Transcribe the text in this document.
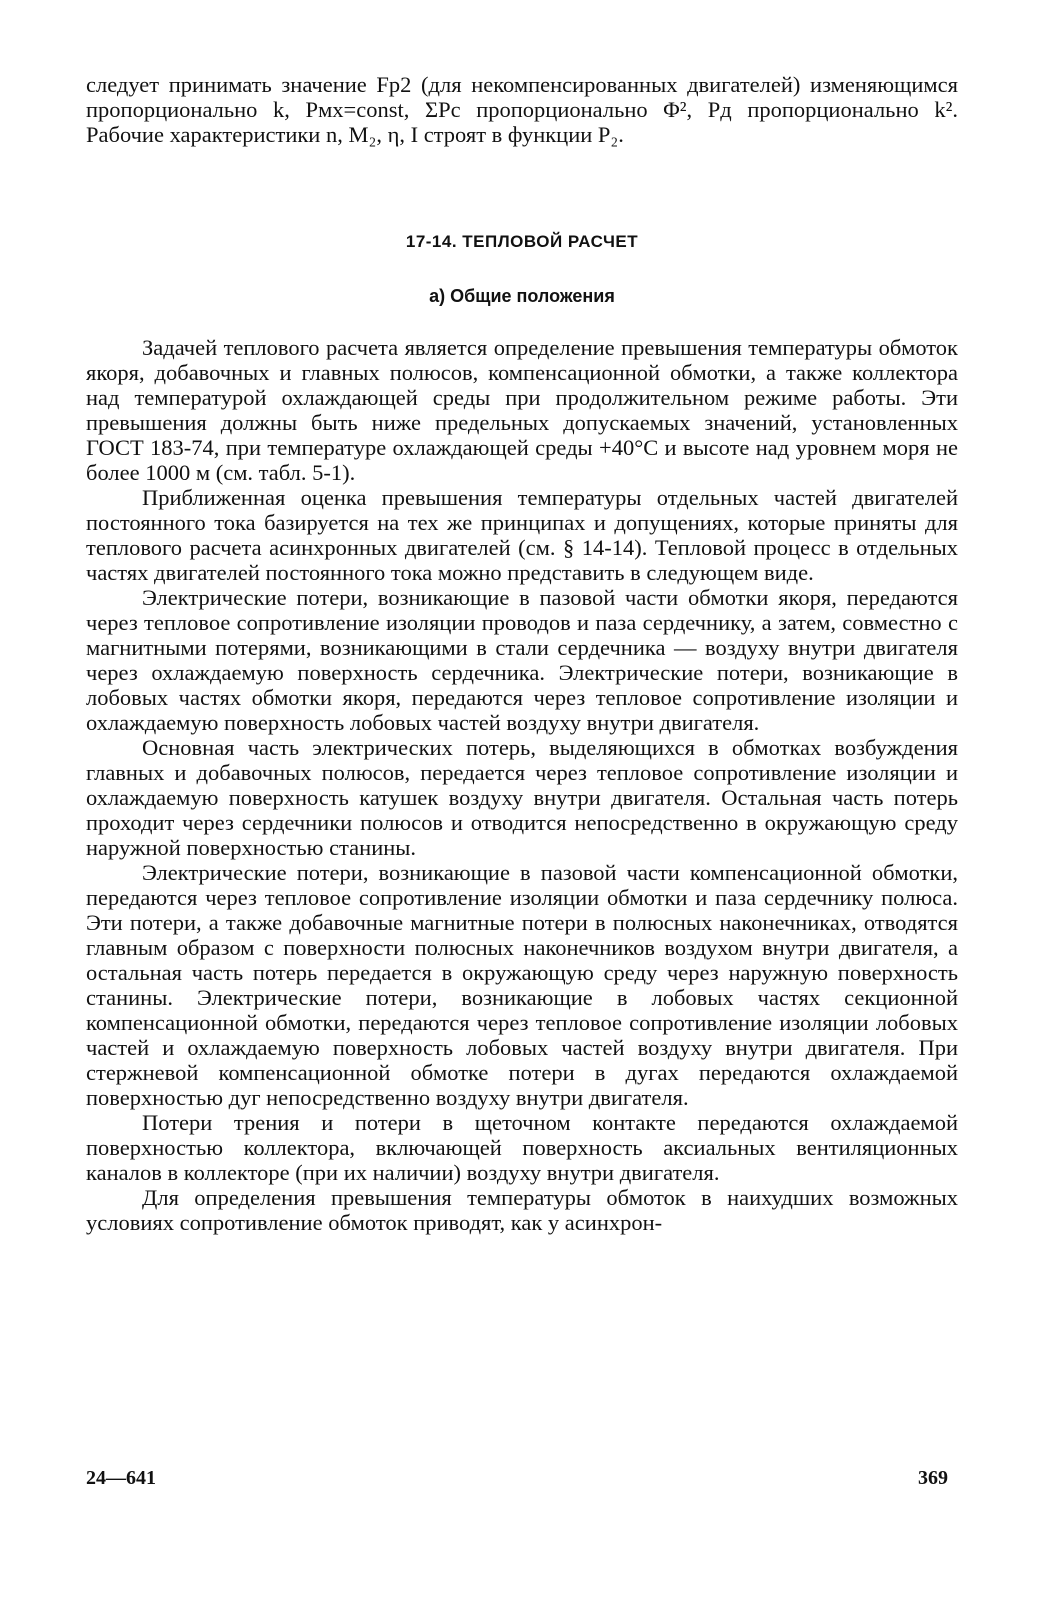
следует принимать значение Fр2 (для некомпенсированных двигателей) изменяющимся пропорционально k, Pмх=const, ΣPс пропорционально Φ², Pд пропорционально k². Рабочие характеристики n, M₂, η, I строят в функции P₂.

17-14. ТЕПЛОВОЙ РАСЧЕТ
а) Общие положения

Задачей теплового расчета является определение превышения температуры обмоток якоря, добавочных и главных полюсов, компенсационной обмотки, а также коллектора над температурой охлаждающей среды при продолжительном режиме работы. Эти превышения должны быть ниже предельных допускаемых значений, установленных ГОСТ 183-74, при температуре охлаждающей среды +40°С и высоте над уровнем моря не более 1000 м (см. табл. 5-1).

Приближенная оценка превышения температуры отдельных частей двигателей постоянного тока базируется на тех же принципах и допущениях, которые приняты для теплового расчета асинхронных двигателей (см. § 14-14). Тепловой процесс в отдельных частях двигателей постоянного тока можно представить в следующем виде.

Электрические потери, возникающие в пазовой части обмотки якоря, передаются через тепловое сопротивление изоляции проводов и паза сердечнику, а затем, совместно с магнитными потерями, возникающими в стали сердечника — воздуху внутри двигателя через охлаждаемую поверхность сердечника. Электрические потери, возникающие в лобовых частях обмотки якоря, передаются через тепловое сопротивление изоляции и охлаждаемую поверхность лобовых частей воздуху внутри двигателя.

Основная часть электрических потерь, выделяющихся в обмотках возбуждения главных и добавочных полюсов, передается через тепловое сопротивление изоляции и охлаждаемую поверхность катушек воздуху внутри двигателя. Остальная часть потерь проходит через сердечники полюсов и отводится непосредственно в окружающую среду наружной поверхностью станины.

Электрические потери, возникающие в пазовой части компенсационной обмотки, передаются через тепловое сопротивление изоляции обмотки и паза сердечнику полюса. Эти потери, а также добавочные магнитные потери в полюсных наконечниках, отводятся главным образом с поверхности полюсных наконечников воздухом внутри двигателя, а остальная часть потерь передается в окружающую среду через наружную поверхность станины. Электрические потери, возникающие в лобовых частях секционной компенсационной обмотки, передаются через тепловое сопротивление изоляции лобовых частей и охлаждаемую поверхность лобовых частей воздуху внутри двигателя. При стержневой компенсационной обмотке потери в дугах передаются охлаждаемой поверхностью дуг непосредственно воздуху внутри двигателя.

Потери трения и потери в щеточном контакте передаются охлаждаемой поверхностью коллектора, включающей поверхность аксиальных вентиляционных каналов в коллекторе (при их наличии) воздуху внутри двигателя.

Для определения превышения температуры обмоток в наихудших возможных условиях сопротивление обмоток приводят, как у асинхрон-

24—641	369
